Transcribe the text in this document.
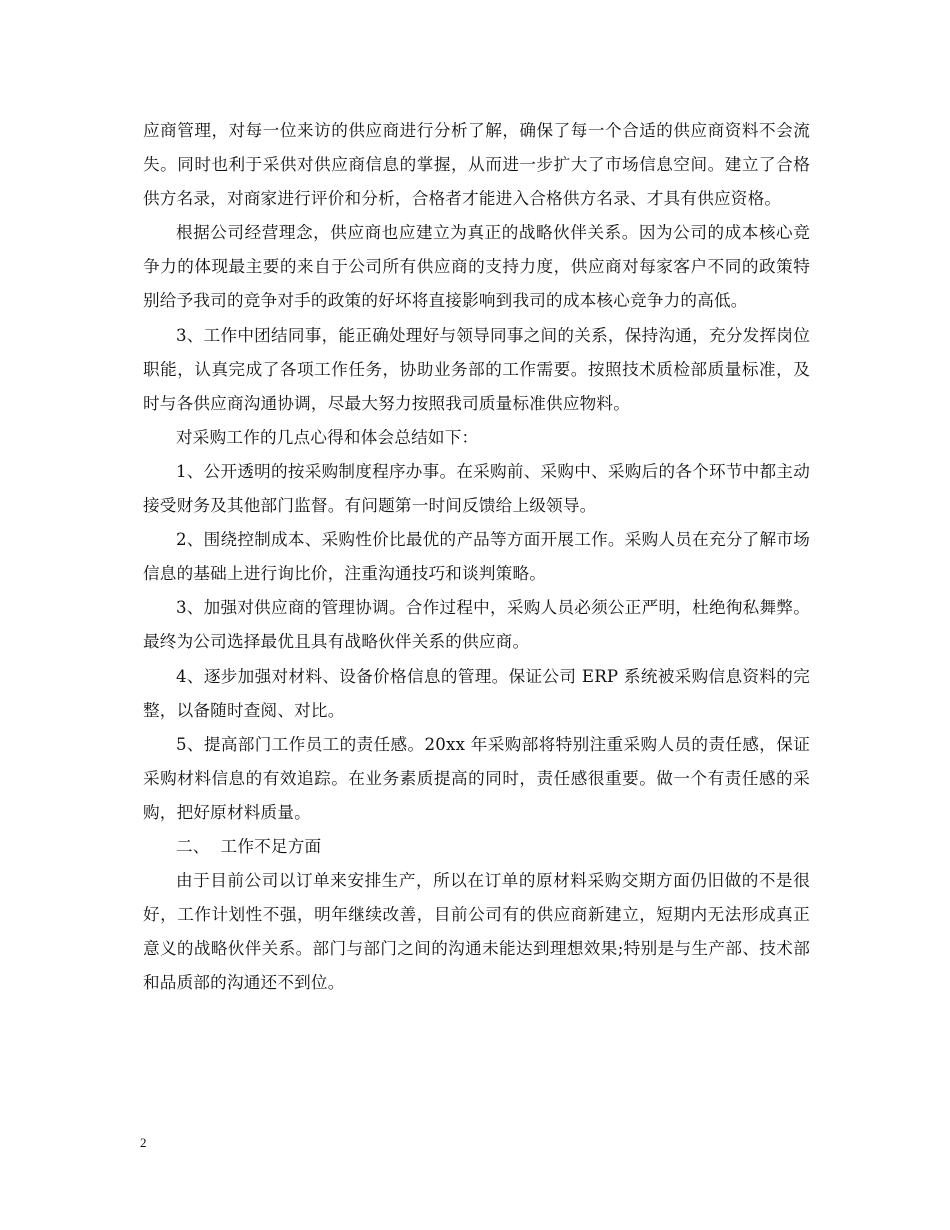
应商管理，对每一位来访的供应商进行分析了解，确保了每一个合适的供应商资料不会流失。同时也利于采供对供应商信息的掌握，从而进一步扩大了市场信息空间。建立了合格供方名录，对商家进行评价和分析，合格者才能进入合格供方名录、才具有供应资格。

根据公司经营理念，供应商也应建立为真正的战略伙伴关系。因为公司的成本核心竞争力的体现最主要的来自于公司所有供应商的支持力度，供应商对每家客户不同的政策特别给予我司的竞争对手的政策的好坏将直接影响到我司的成本核心竞争力的高低。

3、工作中团结同事，能正确处理好与领导同事之间的关系，保持沟通，充分发挥岗位职能，认真完成了各项工作任务，协助业务部的工作需要。按照技术质检部质量标准，及时与各供应商沟通协调，尽最大努力按照我司质量标准供应物料。

对采购工作的几点心得和体会总结如下：

1、公开透明的按采购制度程序办事。在采购前、采购中、采购后的各个环节中都主动接受财务及其他部门监督。有问题第一时间反馈给上级领导。

2、围绕控制成本、采购性价比最优的产品等方面开展工作。采购人员在充分了解市场信息的基础上进行询比价，注重沟通技巧和谈判策略。

3、加强对供应商的管理协调。合作过程中，采购人员必须公正严明，杜绝徇私舞弊。最终为公司选择最优且具有战略伙伴关系的供应商。

4、逐步加强对材料、设备价格信息的管理。保证公司 ERP 系统被采购信息资料的完整，以备随时查阅、对比。

5、提高部门工作员工的责任感。20xx 年采购部将特别注重采购人员的责任感，保证采购材料信息的有效追踪。在业务素质提高的同时，责任感很重要。做一个有责任感的采购，把好原材料质量。

二、  工作不足方面

由于目前公司以订单来安排生产，所以在订单的原材料采购交期方面仍旧做的不是很好，工作计划性不强，明年继续改善，目前公司有的供应商新建立，短期内无法形成真正意义的战略伙伴关系。部门与部门之间的沟通未能达到理想效果;特别是与生产部、技术部和品质部的沟通还不到位。

2
